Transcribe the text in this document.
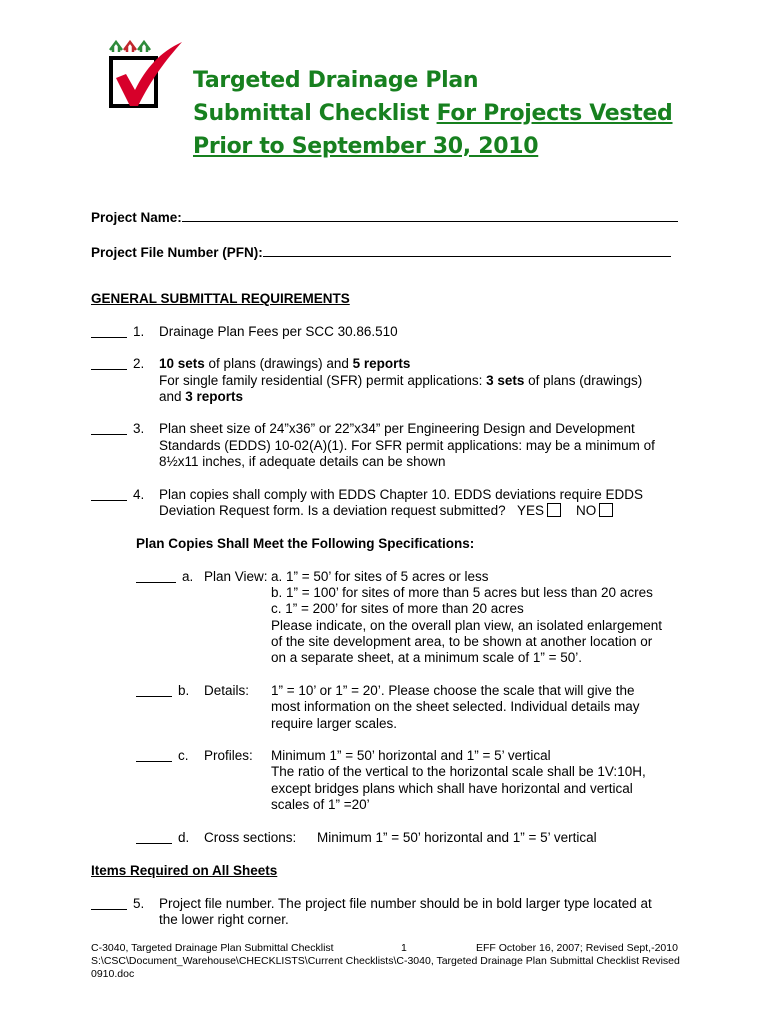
Targeted Drainage Plan
Submittal Checklist For Projects Vested
Prior to September 30, 2010
Project Name:
Project File Number (PFN):
GENERAL SUBMITTAL REQUIREMENTS
1. Drainage Plan Fees per SCC 30.86.510
2. 10 sets of plans (drawings) and 5 reports
For single family residential (SFR) permit applications: 3 sets of plans (drawings)
and 3 reports
3. Plan sheet size of 24”x36” or 22”x34” per Engineering Design and Development
Standards (EDDS) 10-02(A)(1). For SFR permit applications: may be a minimum of
8½x11 inches, if adequate details can be shown
4. Plan copies shall comply with EDDS Chapter 10. EDDS deviations require EDDS
Deviation Request form. Is a deviation request submitted? YES NO
Plan Copies Shall Meet the Following Specifications:
a. Plan View: a. 1” = 50’ for sites of 5 acres or less
b. 1” = 100’ for sites of more than 5 acres but less than 20 acres
c. 1” = 200’ for sites of more than 20 acres
Please indicate, on the overall plan view, an isolated enlargement
of the site development area, to be shown at another location or
on a separate sheet, at a minimum scale of 1” = 50’.
b. Details: 1” = 10’ or 1” = 20’. Please choose the scale that will give the
most information on the sheet selected. Individual details may
require larger scales.
c. Profiles: Minimum 1” = 50’ horizontal and 1” = 5’ vertical
The ratio of the vertical to the horizontal scale shall be 1V:10H,
except bridges plans which shall have horizontal and vertical
scales of 1” =20’
d. Cross sections: Minimum 1” = 50’ horizontal and 1” = 5’ vertical
Items Required on All Sheets
5. Project file number. The project file number should be in bold larger type located at
the lower right corner.
C-3040, Targeted Drainage Plan Submittal Checklist	1	EFF October 16, 2007; Revised Sept,-2010
S:\CSC\Document_Warehouse\CHECKLISTS\Current Checklists\C-3040, Targeted Drainage Plan Submittal Checklist Revised
0910.doc
